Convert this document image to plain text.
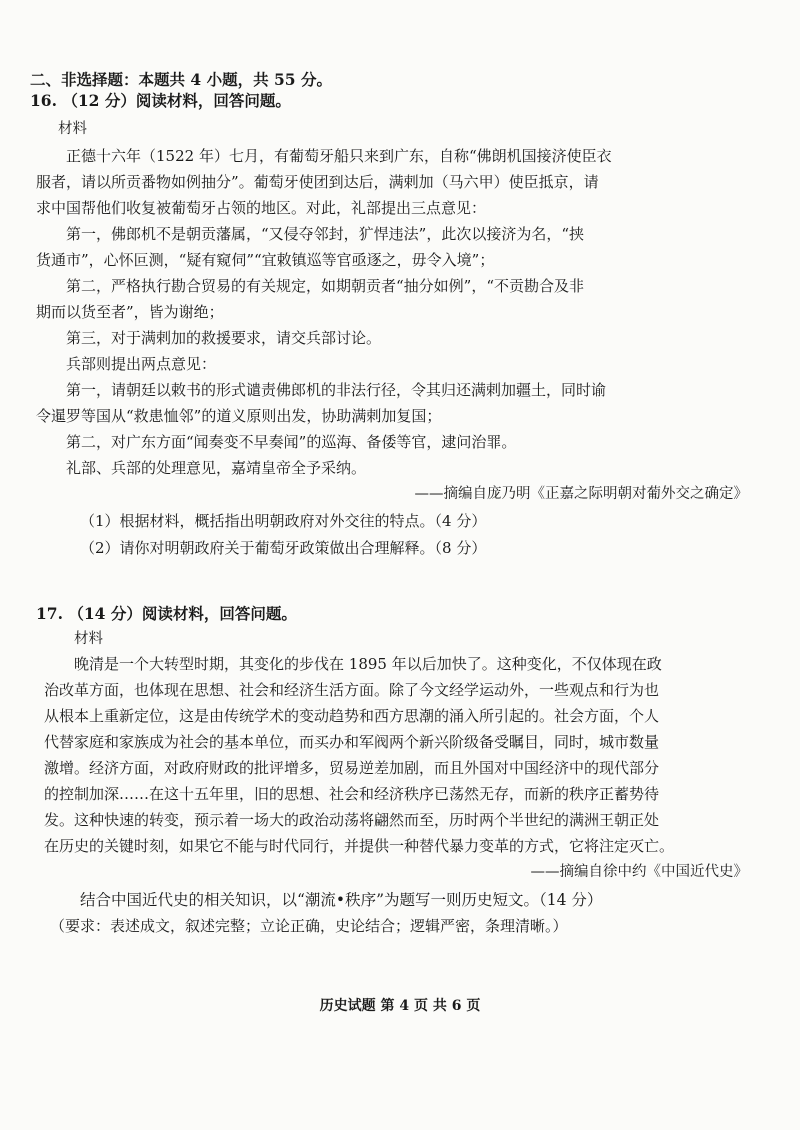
二、非选择题：本题共 4 小题，共 55 分。
16. （12 分）阅读材料，回答问题。
材料
正德十六年（1522 年）七月，有葡萄牙船只来到广东，自称“佛朗机国接济使臣衣
服者，请以所贡番物如例抽分”。葡萄牙使团到达后，满剌加（马六甲）使臣抵京，请
求中国帮他们收复被葡萄牙占领的地区。对此，礼部提出三点意见：
第一，佛郎机不是朝贡藩属，“又侵夺邻封，犷悍违法”，此次以接济为名，“挟
货通市”，心怀叵测，“疑有窥伺”“宜敕镇巡等官亟逐之，毋令入境”；
第二，严格执行勘合贸易的有关规定，如期朝贡者“抽分如例”，“不贡勘合及非
期而以货至者”，皆为谢绝；
第三，对于满剌加的救援要求，请交兵部讨论。
兵部则提出两点意见：
第一，请朝廷以敕书的形式谴责佛郎机的非法行径，令其归还满剌加疆土，同时谕
令暹罗等国从“救患恤邻”的道义原则出发，协助满剌加复国；
第二，对广东方面“闻奏变不早奏闻”的巡海、备倭等官，逮问治罪。
礼部、兵部的处理意见，嘉靖皇帝全予采纳。
——摘编自庞乃明《正嘉之际明朝对葡外交之确定》
（1）根据材料，概括指出明朝政府对外交往的特点。（4 分）
（2）请你对明朝政府关于葡萄牙政策做出合理解释。（8 分）
17. （14 分）阅读材料，回答问题。
材料
晚清是一个大转型时期，其变化的步伐在 1895 年以后加快了。这种变化，不仅体现在政
治改革方面，也体现在思想、社会和经济生活方面。除了今文经学运动外，一些观点和行为也
从根本上重新定位，这是由传统学术的变动趋势和西方思潮的涌入所引起的。社会方面，个人
代替家庭和家族成为社会的基本单位，而买办和军阀两个新兴阶级备受瞩目，同时，城市数量
激增。经济方面，对政府财政的批评增多，贸易逆差加剧，而且外国对中国经济中的现代部分
的控制加深……在这十五年里，旧的思想、社会和经济秩序已荡然无存，而新的秩序正蓄势待
发。这种快速的转变，预示着一场大的政治动荡将翩然而至，历时两个半世纪的满洲王朝正处
在历史的关键时刻，如果它不能与时代同行，并提供一种替代暴力变革的方式，它将注定灭亡。
——摘编自徐中约《中国近代史》
结合中国近代史的相关知识，以“潮流•秩序”为题写一则历史短文。（14 分）
（要求：表述成文，叙述完整；立论正确，史论结合；逻辑严密，条理清晰。）
历史试题 第 4 页 共 6 页
